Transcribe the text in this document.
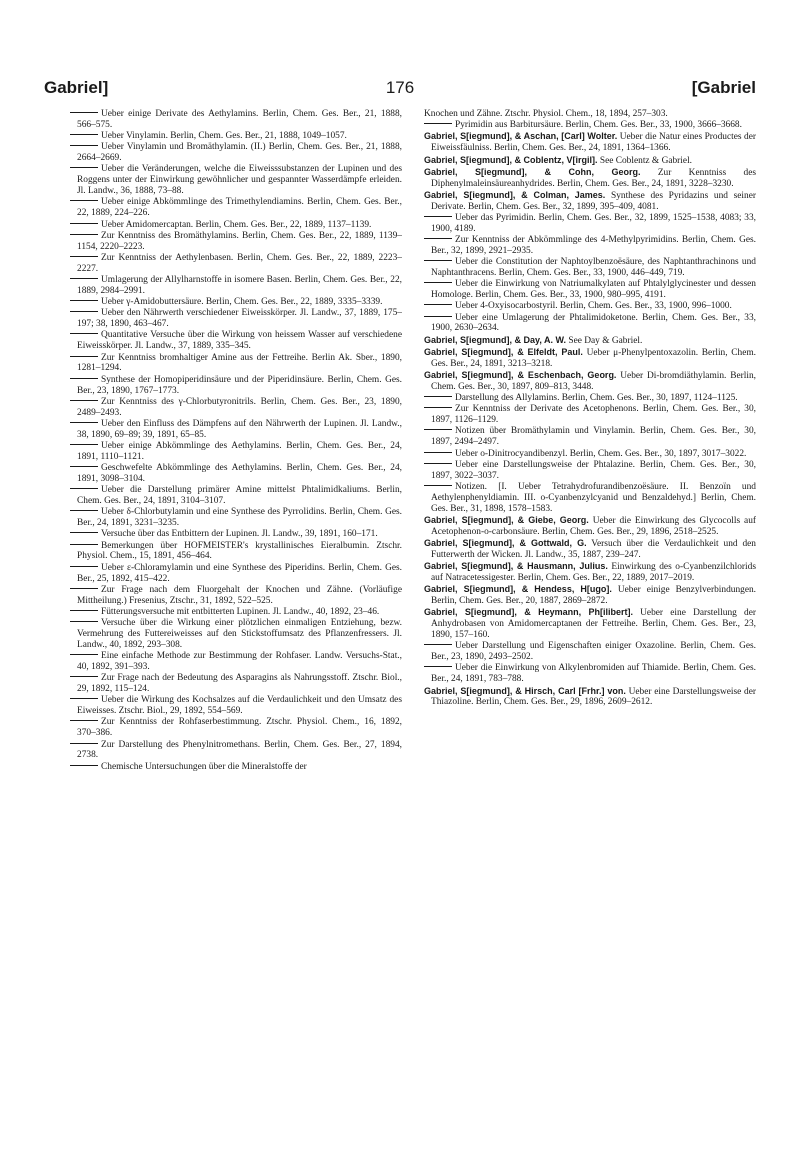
Gabriel]	176	[Gabriel

Ueber einige Derivate des Aethylamins. Berlin, Chem. Ges. Ber., 21, 1888, 566–575.

Ueber Vinylamin. Berlin, Chem. Ges. Ber., 21, 1888, 1049–1057.

Ueber Vinylamin und Bromäthylamin. (II.) Berlin, Chem. Ges. Ber., 21, 1888, 2664–2669.

Ueber die Veränderungen, welche die Eiweisssubstanzen der Lupinen und des Roggens unter der Einwirkung gewöhnlicher und gespannter Wasserdämpfe erleiden. Jl. Landw., 36, 1888, 73–88.

Ueber einige Abkömmlinge des Trimethylendiamins. Berlin, Chem. Ges. Ber., 22, 1889, 224–226.

Ueber Amidomercaptan. Berlin, Chem. Ges. Ber., 22, 1889, 1137–1139.

Zur Kenntniss des Bromäthylamins. Berlin, Chem. Ges. Ber., 22, 1889, 1139–1154, 2220–2223.

Zur Kenntniss der Aethylenbasen. Berlin, Chem. Ges. Ber., 22, 1889, 2223–2227.

Umlagerung der Allylharnstoffe in isomere Basen. Berlin, Chem. Ges. Ber., 22, 1889, 2984–2991.

Ueber γ-Amidobuttersäure. Berlin, Chem. Ges. Ber., 22, 1889, 3335–3339.

Ueber den Nährwerth verschiedener Eiweisskörper. Jl. Landw., 37, 1889, 175–197; 38, 1890, 463–467.

Quantitative Versuche über die Wirkung von heissem Wasser auf verschiedene Eiweisskörper. Jl. Landw., 37, 1889, 335–345.

Zur Kenntniss bromhaltiger Amine aus der Fettreihe. Berlin Ak. Sber., 1890, 1281–1294.

Synthese der Homopiperidinsäure und der Piperidinsäure. Berlin, Chem. Ges. Ber., 23, 1890, 1767–1773.

Zur Kenntniss des γ-Chlorbutyronitrils. Berlin, Chem. Ges. Ber., 23, 1890, 2489–2493.

Ueber den Einfluss des Dämpfens auf den Nährwerth der Lupinen. Jl. Landw., 38, 1890, 69–89; 39, 1891, 65–85.

Ueber einige Abkömmlinge des Aethylamins. Berlin, Chem. Ges. Ber., 24, 1891, 1110–1121.

Geschwefelte Abkömmlinge des Aethylamins. Berlin, Chem. Ges. Ber., 24, 1891, 3098–3104.

Ueber die Darstellung primärer Amine mittelst Phtalimidkaliums. Berlin, Chem. Ges. Ber., 24, 1891, 3104–3107.

Ueber δ-Chlorbutylamin und eine Synthese des Pyrrolidins. Berlin, Chem. Ges. Ber., 24, 1891, 3231–3235.

Versuche über das Entbittern der Lupinen. Jl. Landw., 39, 1891, 160–171.

Bemerkungen über HOFMEISTER's krystallinisches Eieralbumin. Ztschr. Physiol. Chem., 15, 1891, 456–464.

Ueber ε-Chloramylamin und eine Synthese des Piperidins. Berlin, Chem. Ges. Ber., 25, 1892, 415–422.

Zur Frage nach dem Fluorgehalt der Knochen und Zähne. (Vorläufige Mittheilung.) Fresenius, Ztschr., 31, 1892, 522–525.

Fütterungsversuche mit entbitterten Lupinen. Jl. Landw., 40, 1892, 23–46.

Versuche über die Wirkung einer plötzlichen einmaligen Entziehung, bezw. Vermehrung des Futtereiweisses auf den Stickstoffumsatz des Pflanzenfressers. Jl. Landw., 40, 1892, 293–308.

Eine einfache Methode zur Bestimmung der Rohfaser. Landw. Versuchs-Stat., 40, 1892, 391–393.

Zur Frage nach der Bedeutung des Asparagins als Nahrungsstoff. Ztschr. Biol., 29, 1892, 115–124.

Ueber die Wirkung des Kochsalzes auf die Verdaulichkeit und den Umsatz des Eiweisses. Ztschr. Biol., 29, 1892, 554–569.

Zur Kenntniss der Rohfaserbestimmung. Ztschr. Physiol. Chem., 16, 1892, 370–386.

Zur Darstellung des Phenylnitromethans. Berlin, Chem. Ges. Ber., 27, 1894, 2738.

Chemische Untersuchungen über die Mineralstoffe der

Knochen und Zähne. Ztschr. Physiol. Chem., 18, 1894, 257–303.

Pyrimidin aus Barbitursäure. Berlin, Chem. Ges. Ber., 33, 1900, 3666–3668.

Gabriel, S[iegmund], & Aschan, [Carl] Wolter. Ueber die Natur eines Productes der Eiweissfäulniss. Berlin, Chem. Ges. Ber., 24, 1891, 1364–1366.

Gabriel, S[iegmund], & Coblentz, V[irgil]. See Coblentz & Gabriel.

Gabriel, S[iegmund], & Cohn, Georg. Zur Kenntniss des Diphenylmaleinsäureanhydrides. Berlin, Chem. Ges. Ber., 24, 1891, 3228–3230.

Gabriel, S[iegmund], & Colman, James. Synthese des Pyridazins und seiner Derivate. Berlin, Chem. Ges. Ber., 32, 1899, 395–409, 4081.

Ueber das Pyrimidin. Berlin, Chem. Ges. Ber., 32, 1899, 1525–1538, 4083; 33, 1900, 4189.

Zur Kenntniss der Abkömmlinge des 4-Methylpyrimidins. Berlin, Chem. Ges. Ber., 32, 1899, 2921–2935.

Ueber die Constitution der Naphtoylbenzoësäure, des Naphtanthrachinons und Naphtanthracens. Berlin, Chem. Ges. Ber., 33, 1900, 446–449, 719.

Ueber die Einwirkung von Natriumalkylaten auf Phtalylglycinester und dessen Homologe. Berlin, Chem. Ges. Ber., 33, 1900, 980–995, 4191.

Ueber 4-Oxyisocarbostyril. Berlin, Chem. Ges. Ber., 33, 1900, 996–1000.

Ueber eine Umlagerung der Phtalimidoketone. Berlin, Chem. Ges. Ber., 33, 1900, 2630–2634.

Gabriel, S[iegmund], & Day, A. W. See Day & Gabriel.

Gabriel, S[iegmund], & Elfeldt, Paul. Ueber μ-Phenylpentoxazolin. Berlin, Chem. Ges. Ber., 24, 1891, 3213–3218.

Gabriel, S[iegmund], & Eschenbach, Georg. Ueber Di-bromdiäthylamin. Berlin, Chem. Ges. Ber., 30, 1897, 809–813, 3448.

Darstellung des Allylamins. Berlin, Chem. Ges. Ber., 30, 1897, 1124–1125.

Zur Kenntniss der Derivate des Acetophenons. Berlin, Chem. Ges. Ber., 30, 1897, 1126–1129.

Notizen über Bromäthylamin und Vinylamin. Berlin, Chem. Ges. Ber., 30, 1897, 2494–2497.

Ueber o-Dinitrocyandibenzyl. Berlin, Chem. Ges. Ber., 30, 1897, 3017–3022.

Ueber eine Darstellungsweise der Phtalazine. Berlin, Chem. Ges. Ber., 30, 1897, 3022–3037.

Notizen. [I. Ueber Tetrahydrofurandibenzoësäure. II. Benzoïn und Aethylenphenyldiamin. III. o-Cyanbenzylcyanid und Benzaldehyd.] Berlin, Chem. Ges. Ber., 31, 1898, 1578–1583.

Gabriel, S[iegmund], & Giebe, Georg. Ueber die Einwirkung des Glycocolls auf Acetophenon-o-carbonsäure. Berlin, Chem. Ges. Ber., 29, 1896, 2518–2525.

Gabriel, S[iegmund], & Gottwald, G. Versuch über die Verdaulichkeit und den Futterwerth der Wicken. Jl. Landw., 35, 1887, 239–247.

Gabriel, S[iegmund], & Hausmann, Julius. Einwirkung des o-Cyanbenzilchlorids auf Natracetessigester. Berlin, Chem. Ges. Ber., 22, 1889, 2017–2019.

Gabriel, S[iegmund], & Hendess, H[ugo]. Ueber einige Benzylverbindungen. Berlin, Chem. Ges. Ber., 20, 1887, 2869–2872.

Gabriel, S[iegmund], & Heymann, Ph[ilibert]. Ueber eine Darstellung der Anhydrobasen von Amidomercaptanen der Fettreihe. Berlin, Chem. Ges. Ber., 23, 1890, 157–160.

Ueber Darstellung und Eigenschaften einiger Oxazoline. Berlin, Chem. Ges. Ber., 23, 1890, 2493–2502.

Ueber die Einwirkung von Alkylenbromiden auf Thiamide. Berlin, Chem. Ges. Ber., 24, 1891, 783–788.

Gabriel, S[iegmund], & Hirsch, Carl [Frhr.] von. Ueber eine Darstellungsweise der Thiazoline. Berlin, Chem. Ges. Ber., 29, 1896, 2609–2612.
